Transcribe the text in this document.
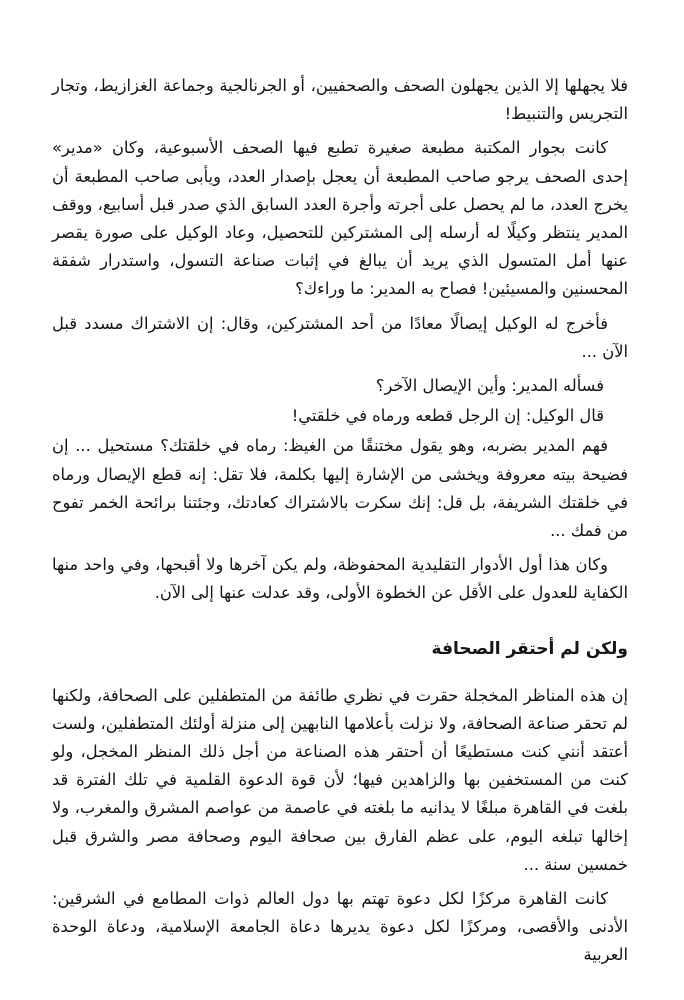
فلا يجهلها إلا الذين يجهلون الصحف والصحفيين، أو الجرنالجية وجماعة الغزازيط، وتجار التجريس والتنبيط!

كانت بجوار المكتبة مطبعة صغيرة تطبع فيها الصحف الأسبوعية، وكان «مدير» إحدى الصحف يرجو صاحب المطبعة أن يعجل بإصدار العدد، ويأبى صاحب المطبعة أن يخرج العدد، ما لم يحصل على أجرته وأجرة العدد السابق الذي صدر قبل أسابيع، ووقف المدير ينتظر وكيلًا له أرسله إلى المشتركين للتحصيل، وعاد الوكيل على صورة يقصر عنها أمل المتسول الذي يريد أن يبالغ في إثبات صناعة التسول، واستدرار شفقة المحسنين والمسيئين! فصاح به المدير: ما وراءك؟

فأخرج له الوكيل إيصالًا معادًا من أحد المشتركين، وقال: إن الاشتراك مسدد قبل الآن ...

فسأله المدير: وأين الإيصال الآخر؟

قال الوكيل: إن الرجل قطعه ورماه في خلقتي!

فهم المدير بضربه، وهو يقول مختنقًا من الغيظ: رماه في خلقتك؟ مستحيل ... إن فضيحة بيته معروفة ويخشى من الإشارة إليها بكلمة، فلا تقل: إنه قطع الإيصال ورماه في خلقتك الشريفة، بل قل: إنك سكرت بالاشتراك كعادتك، وجئتنا برائحة الخمر تفوح من فمك ...

وكان هذا أول الأدوار التقليدية المحفوظة، ولم يكن آخرها ولا أقبحها، وفي واحد منها الكفاية للعدول على الأقل عن الخطوة الأولى، وقد عدلت عنها إلى الآن.

ولكن لم أحتقر الصحافة

إن هذه المناظر المخجلة حقرت في نظري طائفة من المتطفلين على الصحافة، ولكنها لم تحقر صناعة الصحافة، ولا نزلت بأعلامها النابهين إلى منزلة أولئك المتطفلين، ولست أعتقد أنني كنت مستطيعًا أن أحتقر هذه الصناعة من أجل ذلك المنظر المخجل، ولو كنت من المستخفين بها والزاهدين فيها؛ لأن قوة الدعوة القلمية في تلك الفترة قد بلغت في القاهرة مبلغًا لا يدانيه ما بلغته في عاصمة من عواصم المشرق والمغرب، ولا إخالها تبلغه اليوم، على عظم الفارق بين صحافة اليوم وصحافة مصر والشرق قبل خمسين سنة ...

كانت القاهرة مركزًا لكل دعوة تهتم بها دول العالم ذوات المطامع في الشرقين: الأدنى والأقصى، ومركزًا لكل دعوة يديرها دعاة الجامعة الإسلامية، ودعاة الوحدة العربية
